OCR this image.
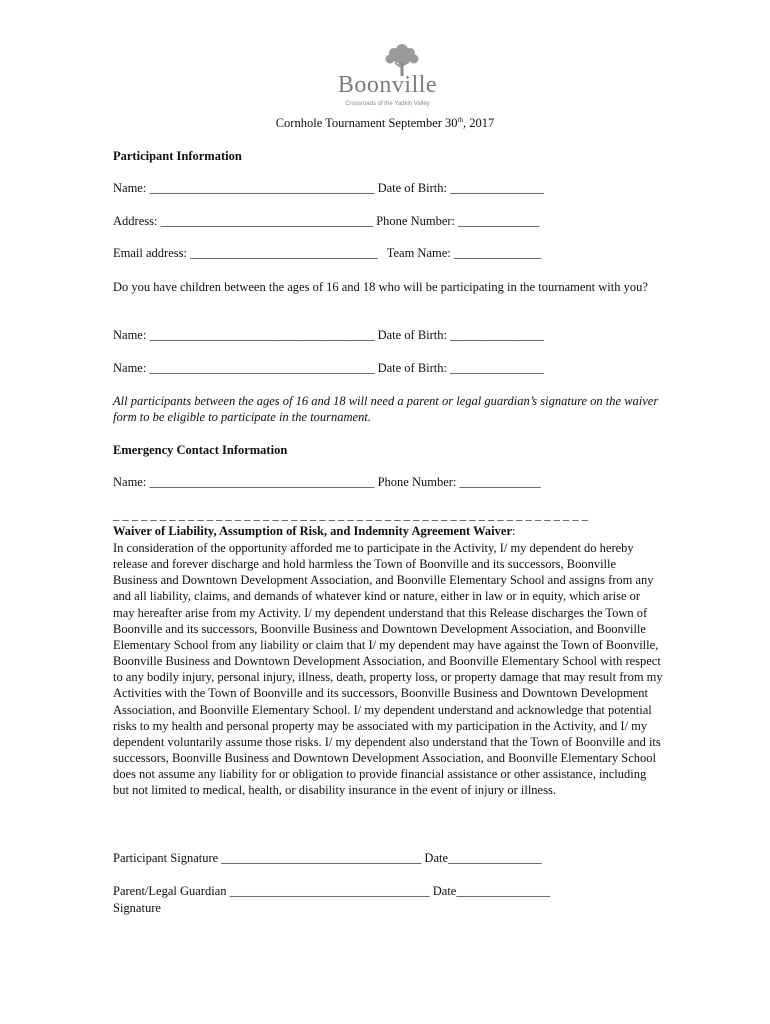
Boonville
Crossroads of the Yadkin Valley
Cornhole Tournament September 30th, 2017
Participant Information
Name: ____________________________________ Date of Birth: _______________
Address: __________________________________ Phone Number: _____________
Email address: ______________________________   Team Name: ______________
Do you have children between the ages of 16 and 18 who will be participating in the tournament with you?
Name: ____________________________________ Date of Birth: _______________
Name: ____________________________________ Date of Birth: _______________
All participants between the ages of 16 and 18 will need a parent or legal guardian’s signature on the waiver form to be eligible to participate in the tournament.
Emergency Contact Information
Name: ____________________________________ Phone Number: _____________
_ _ _ _ _ _ _ _ _ _ _ _ _ _ _ _ _ _ _ _ _ _ _ _ _ _ _ _ _ _ _ _ _ _ _ _ _ _ _ _ _ _ _ _ _ _ _ _ _ _ _
Waiver of Liability, Assumption of Risk, and Indemnity Agreement Waiver:
In consideration of the opportunity afforded me to participate in the Activity, I/ my dependent do hereby release and forever discharge and hold harmless the Town of Boonville and its successors, Boonville Business and Downtown Development Association, and Boonville Elementary School and assigns from any and all liability, claims, and demands of whatever kind or nature, either in law or in equity, which arise or may hereafter arise from my Activity. I/ my dependent understand that this Release discharges the Town of Boonville and its successors, Boonville Business and Downtown Development Association, and Boonville Elementary School from any liability or claim that I/ my dependent may have against the Town of Boonville, Boonville Business and Downtown Development Association, and Boonville Elementary School with respect to any bodily injury, personal injury, illness, death, property loss, or property damage that may result from my Activities with the Town of Boonville and its successors, Boonville Business and Downtown Development Association, and Boonville Elementary School. I/ my dependent understand and acknowledge that potential risks to my health and personal property may be associated with my participation in the Activity, and I/ my dependent voluntarily assume those risks. I/ my dependent also understand that the Town of Boonville and its successors, Boonville Business and Downtown Development Association, and Boonville Elementary School does not assume any liability for or obligation to provide financial assistance or other assistance, including but not limited to medical, health, or disability insurance in the event of injury or illness.
Participant Signature ________________________________ Date_______________
Parent/Legal Guardian ________________________________ Date_______________
Signature
